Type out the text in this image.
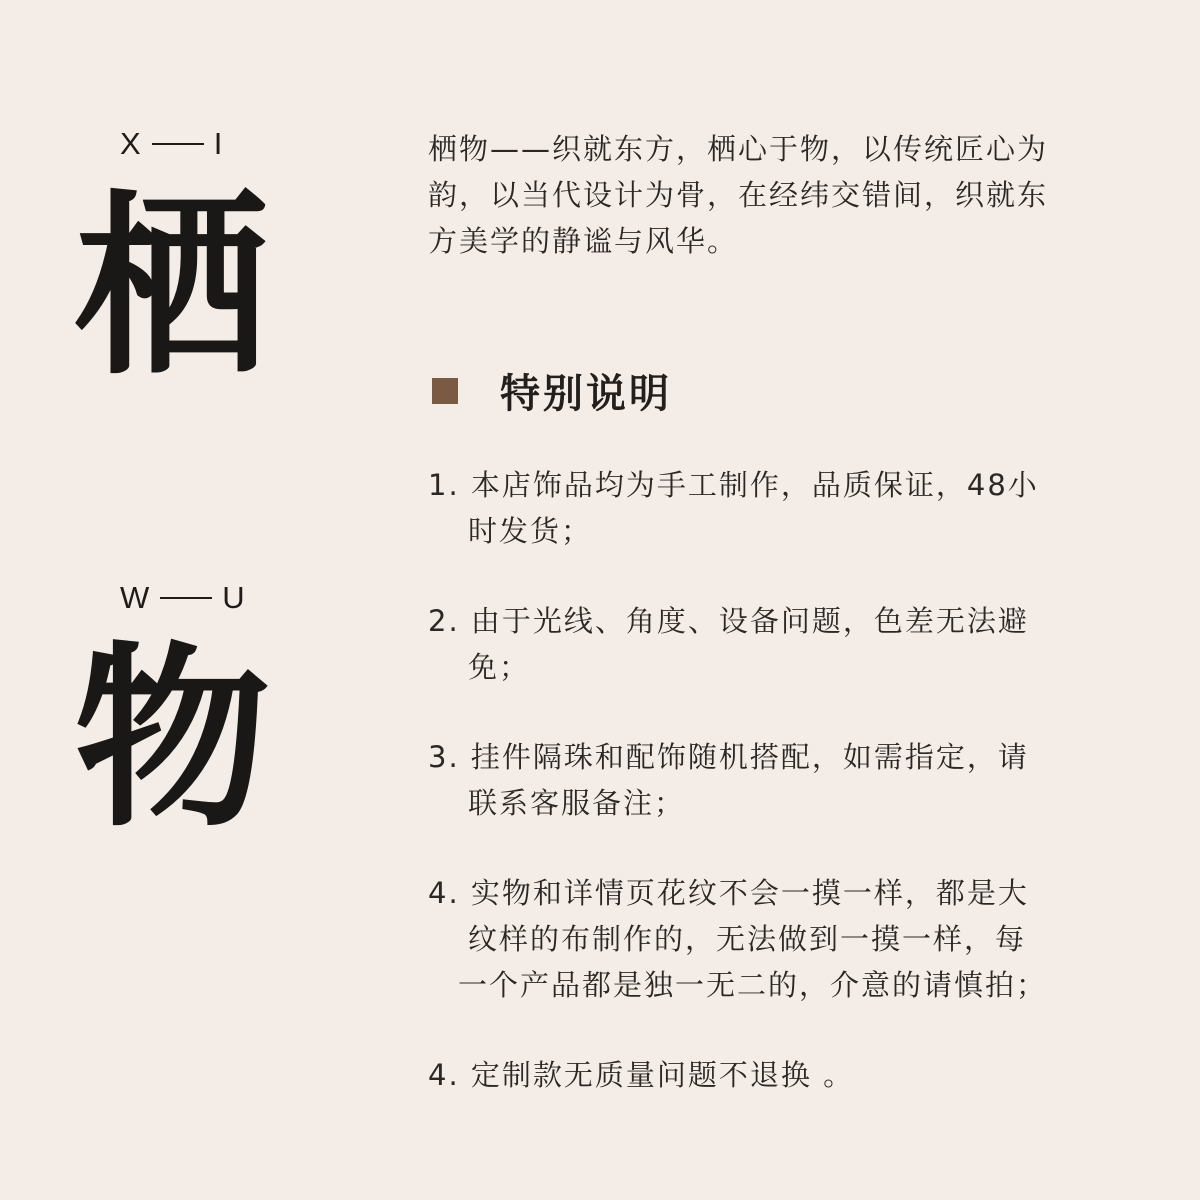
X I
栖
W U
物
栖物——织就东方，栖心于物，以传统匠心为
韵，以当代设计为骨，在经纬交错间，织就东
方美学的静谧与风华。
特别说明
1. 本店饰品均为手工制作，品质保证，48小
时发货；
2. 由于光线、角度、设备问题，色差无法避
免；
3. 挂件隔珠和配饰随机搭配，如需指定，请
联系客服备注；
4. 实物和详情页花纹不会一摸一样，都是大
纹样的布制作的，无法做到一摸一样，每
一个产品都是独一无二的，介意的请慎拍；
4. 定制款无质量问题不退换 。
